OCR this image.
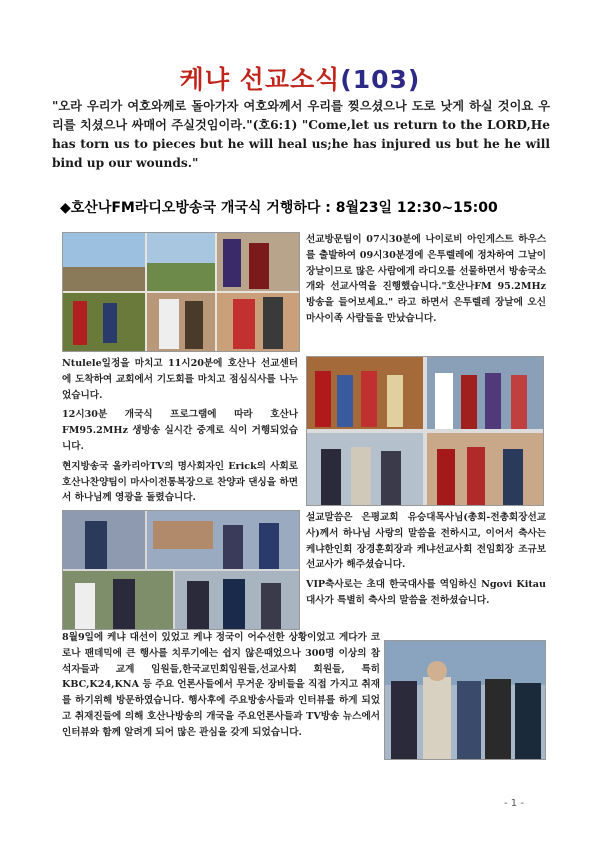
케냐 선교소식(103)
"오라 우리가 여호와께로 돌아가자 여호와께서 우리를 찢으셨으나 도로 낫게 하실 것이요 우리를 치셨으나 싸매어 주실것임이라."(호6:1) "Come,let us return to the LORD,He has torn us to pieces but he will heal us;he has injured us but he he will bind up our wounds."
◆호산나FM라디오방송국 개국식 거행하다 : 8월23일 12:30~15:00

선교방문팀이 07시30분에 나이로비 아인게스트 하우스를 출발하여 09시30분경에 은투렐레에 정차하여 그날이 장날이므로 많은 사람에게 라디오를 선물하면서 방송국소개와 선교사역을 진행했습니다."호산나FM 95.2MHz방송을 들어보세요." 라고 하면서 은투렐레 장날에 오신 마사이족 사람들을 만났습니다.

Ntulele일정을 마치고 11시20분에 호산나 선교센터에 도착하여 교회에서 기도회를 마치고 점심식사를 나누었습니다.

12시30분 개국식 프로그램에 따라 호산나 FM95.2MHz 생방송 실시간 중계로 식이 거행되었습니다.

현지방송국 올카리아TV의 명사회자인 Erick의 사회로 호산나찬양팀이 마사이전통복장으로 찬양과 댄싱을 하면서 하나님께 영광을 돌렸습니다.

설교말씀은 은평교회 유승대목사님(총회-전총회장선교사)께서 하나님 사랑의 말씀을 전하시고, 이어서 축사는 케냐한인회 장경훈회장과 케냐선교사회 전임회장 조규보선교사가 해주셨습니다.

VIP축사로는 초대 한국대사를 역임하신 Ngovi Kitau대사가 특별히 축사의 말씀을 전하셨습니다.

8월9일에 케냐 대선이 있었고 케냐 정국이 어수선한 상황이었고 게다가 코로나 팬데믹에 큰 행사를 치루기에는 쉽지 않은때었으나 300명 이상의 참석자들과 교계 임원들,한국교민회임원들,선교사회 회원들, 특히 KBC,K24,KNA 등 주요 언론사들에서 무거운 장비들을 직접 가지고 취재를 하기위해 방문하였습니다. 행사후에 주요방송사들과 인터뷰를 하게 되었고 취재진들에 의해 호산나방송의 개국을 주요언론사들과 TV방송 뉴스에서 인터뷰와 함께 알려게 되어 많은 관심을 갖게 되었습니다.

- 1 -
